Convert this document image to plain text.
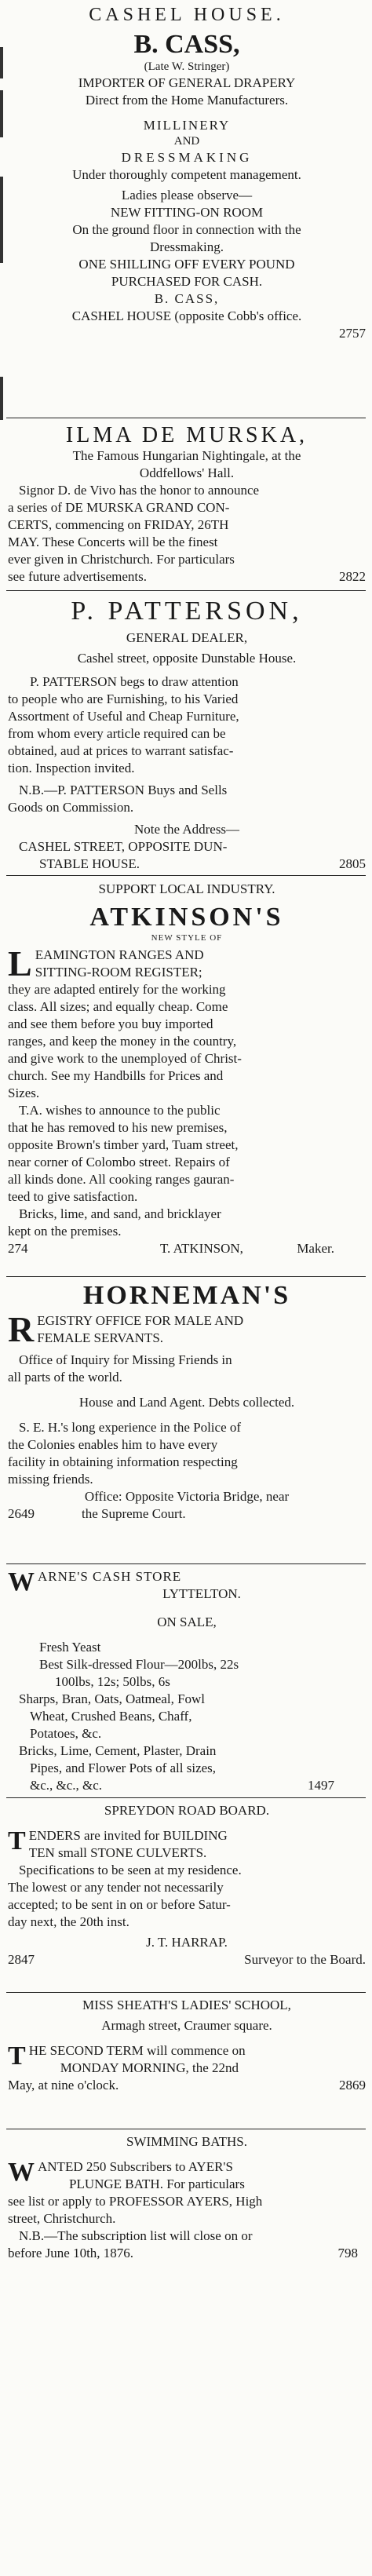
CASHEL HOUSE.
B. CASS,
(Late W. Stringer)
IMPORTER OF GENERAL DRAPERY
Direct from the Home Manufacturers.
MILLINERY
AND
DRESSMAKING
Under thoroughly competent management.
Ladies please observe—
NEW FITTING-ON ROOM
On the ground floor in connection with the
Dressmaking.
ONE SHILLING OFF EVERY POUND
PURCHASED FOR CASH.
B. CASS,
CASHEL HOUSE (opposite Cobb's office.
2757
ILMA DE MURSKA,
The Famous Hungarian Nightingale, at the
Oddfellows' Hall.
Signor D. de Vivo has the honor to announce
a series of DE MURSKA GRAND CON-
CERTS, commencing on FRIDAY, 26TH
MAY. These Concerts will be the finest
ever given in Christchurch. For particulars
see future advertisements.	2822
P. PATTERSON,
GENERAL DEALER,
Cashel street, opposite Dunstable House.
P. PATTERSON begs to draw attention
to people who are Furnishing, to his Varied
Assortment of Useful and Cheap Furniture,
from whom every article required can be
obtained, aud at prices to warrant satisfac-
tion. Inspection invited.
N.B.—P. PATTERSON Buys and Sells
Goods on Commission.
Note the Address—
CASHEL STREET, OPPOSITE DUN-
STABLE HOUSE.	2805
SUPPORT LOCAL INDUSTRY.
ATKINSON'S
NEW STYLE OF
L EAMINGTON RANGES AND
SITTING-ROOM REGISTER;
they are adapted entirely for the working
class. All sizes; and equally cheap. Come
and see them before you buy imported
ranges, and keep the money in the country,
and give work to the unemployed of Christ-
church. See my Handbills for Prices and
Sizes.
T.A. wishes to announce to the public
that he has removed to his new premises,
opposite Brown's timber yard, Tuam street,
near corner of Colombo street. Repairs of
all kinds done. All cooking ranges gauran-
teed to give satisfaction.
Bricks, lime, and sand, and bricklayer
kept on the premises.
274	T. ATKINSON,	Maker.
HORNEMAN'S
R EGISTRY OFFICE FOR MALE AND
FEMALE SERVANTS.
Office of Inquiry for Missing Friends in
all parts of the world.
House and Land Agent. Debts collected.
S. E. H.'s long experience in the Police of
the Colonies enables him to have every
facility in obtaining information respecting
missing friends.
Office: Opposite Victoria Bridge, near
2649	the Supreme Court.
W ARNE'S CASH STORE
LYTTELTON.
ON SALE,
Fresh Yeast
Best Silk-dressed Flour—200lbs, 22s
100lbs, 12s; 50lbs, 6s
Sharps, Bran, Oats, Oatmeal, Fowl
Wheat, Crushed Beans, Chaff,
Potatoes, &c.
Bricks, Lime, Cement, Plaster, Drain
Pipes, and Flower Pots of all sizes,
&c., &c., &c.	1497
SPREYDON ROAD BOARD.
T ENDERS are invited for BUILDING
TEN small STONE CULVERTS.
Specifications to be seen at my residence.
The lowest or any tender not necessarily
accepted; to be sent in on or before Satur-
day next, the 20th inst.
J. T. HARRAP.
2847	Surveyor to the Board.
MISS SHEATH'S LADIES' SCHOOL,
Armagh street, Craumer square.
T HE SECOND TERM will commence on
MONDAY MORNING, the 22nd
May, at nine o'clock.	2869
SWIMMING BATHS.
W ANTED 250 Subscribers to AYER'S
PLUNGE BATH. For particulars
see list or apply to PROFESSOR AYERS, High
street, Christchurch.
N.B.—The subscription list will close on or
before June 10th, 1876.	798
